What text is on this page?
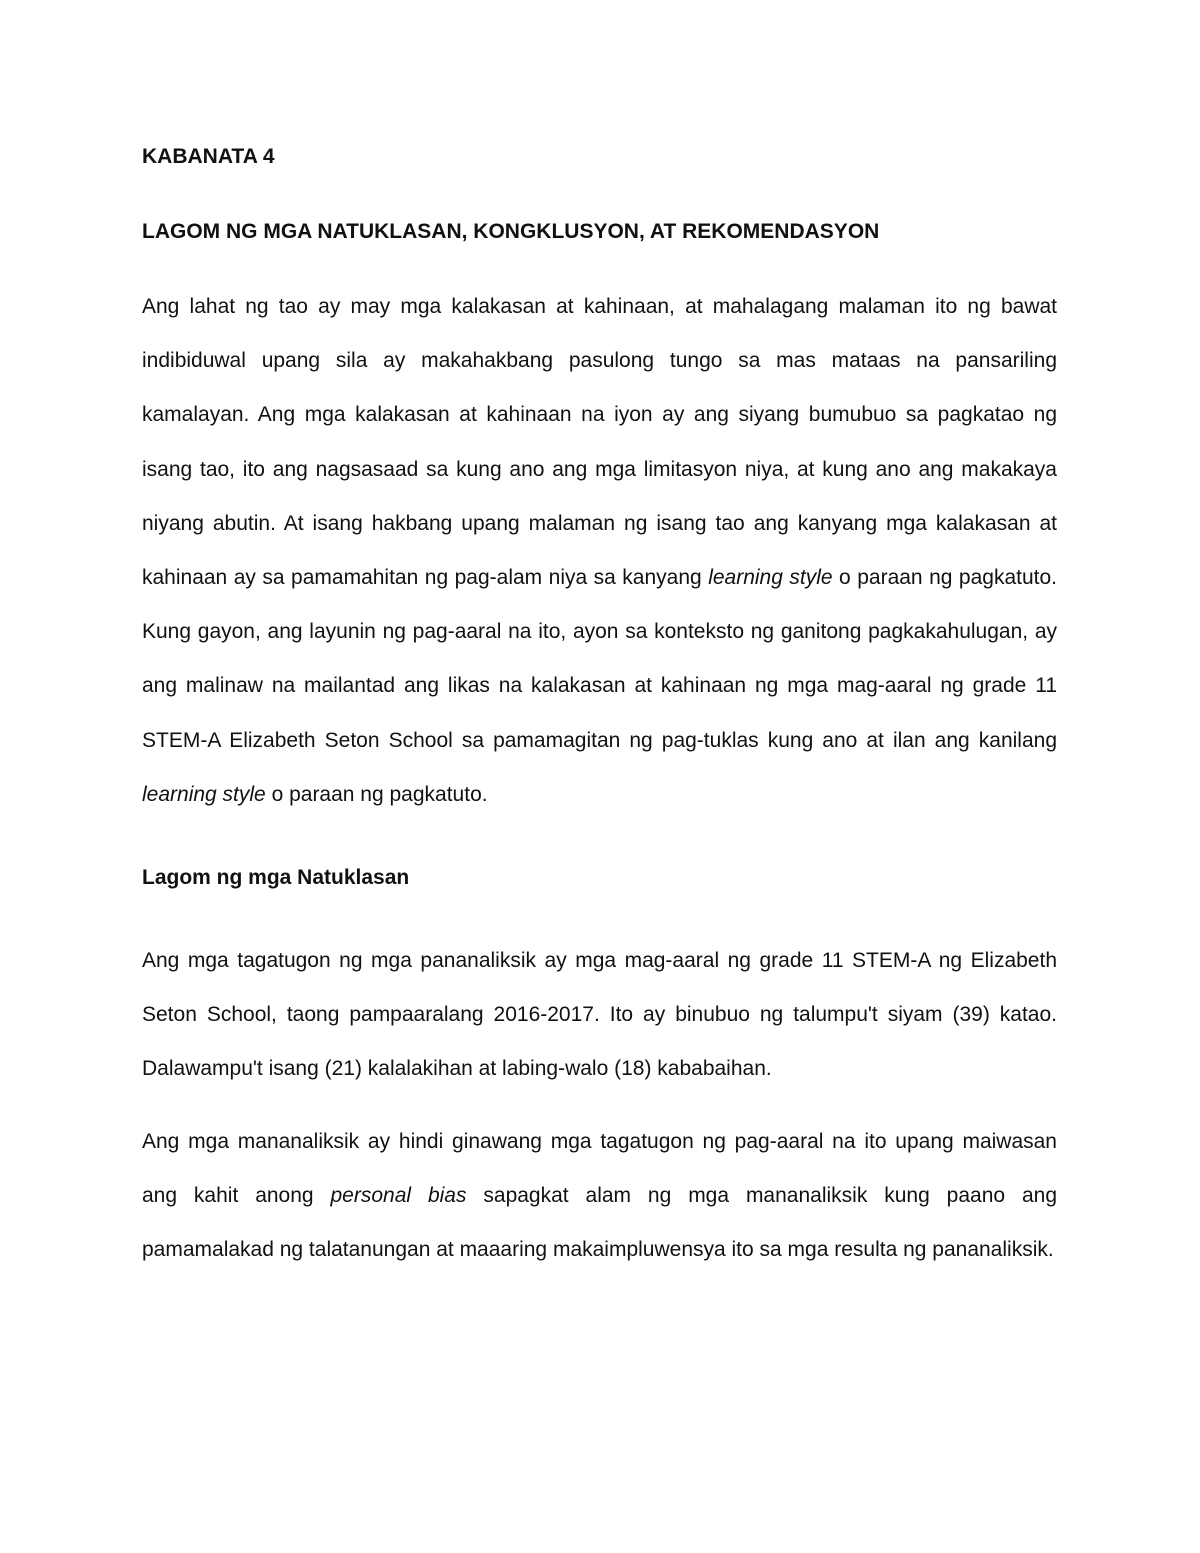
KABANATA 4

LAGOM NG MGA NATUKLASAN, KONGKLUSYON, AT REKOMENDASYON

Ang lahat ng tao ay may mga kalakasan at kahinaan, at mahalagang malaman ito ng bawat indibiduwal upang sila ay makahakbang pasulong tungo sa mas mataas na pansariling kamalayan. Ang mga kalakasan at kahinaan na iyon ay ang siyang bumubuo sa pagkatao ng isang tao, ito ang nagsasaad sa kung ano ang mga limitasyon niya, at kung ano ang makakaya niyang abutin. At isang hakbang upang malaman ng isang tao ang kanyang mga kalakasan at kahinaan ay sa pamamahitan ng pag-alam niya sa kanyang learning style o paraan ng pagkatuto. Kung gayon, ang layunin ng pag-aaral na ito, ayon sa konteksto ng ganitong pagkakahulugan, ay ang malinaw na mailantad ang likas na kalakasan at kahinaan ng mga mag-aaral ng grade 11 STEM-A Elizabeth Seton School sa pamamagitan ng pag-tuklas kung ano at ilan ang kanilang learning style o paraan ng pagkatuto.

Lagom ng mga Natuklasan

Ang mga tagatugon ng mga pananaliksik ay mga mag-aaral ng grade 11 STEM-A ng Elizabeth Seton School, taong pampaaralang 2016-2017. Ito ay binubuo ng talumpu't siyam (39) katao. Dalawampu't isang (21) kalalakihan at labing-walo (18) kababaihan.

Ang mga mananaliksik ay hindi ginawang mga tagatugon ng pag-aaral na ito upang maiwasan ang kahit anong personal bias sapagkat alam ng mga mananaliksik kung paano ang pamamalakad ng talatanungan at maaaring makaimpluwensya ito sa mga resulta ng pananaliksik.
